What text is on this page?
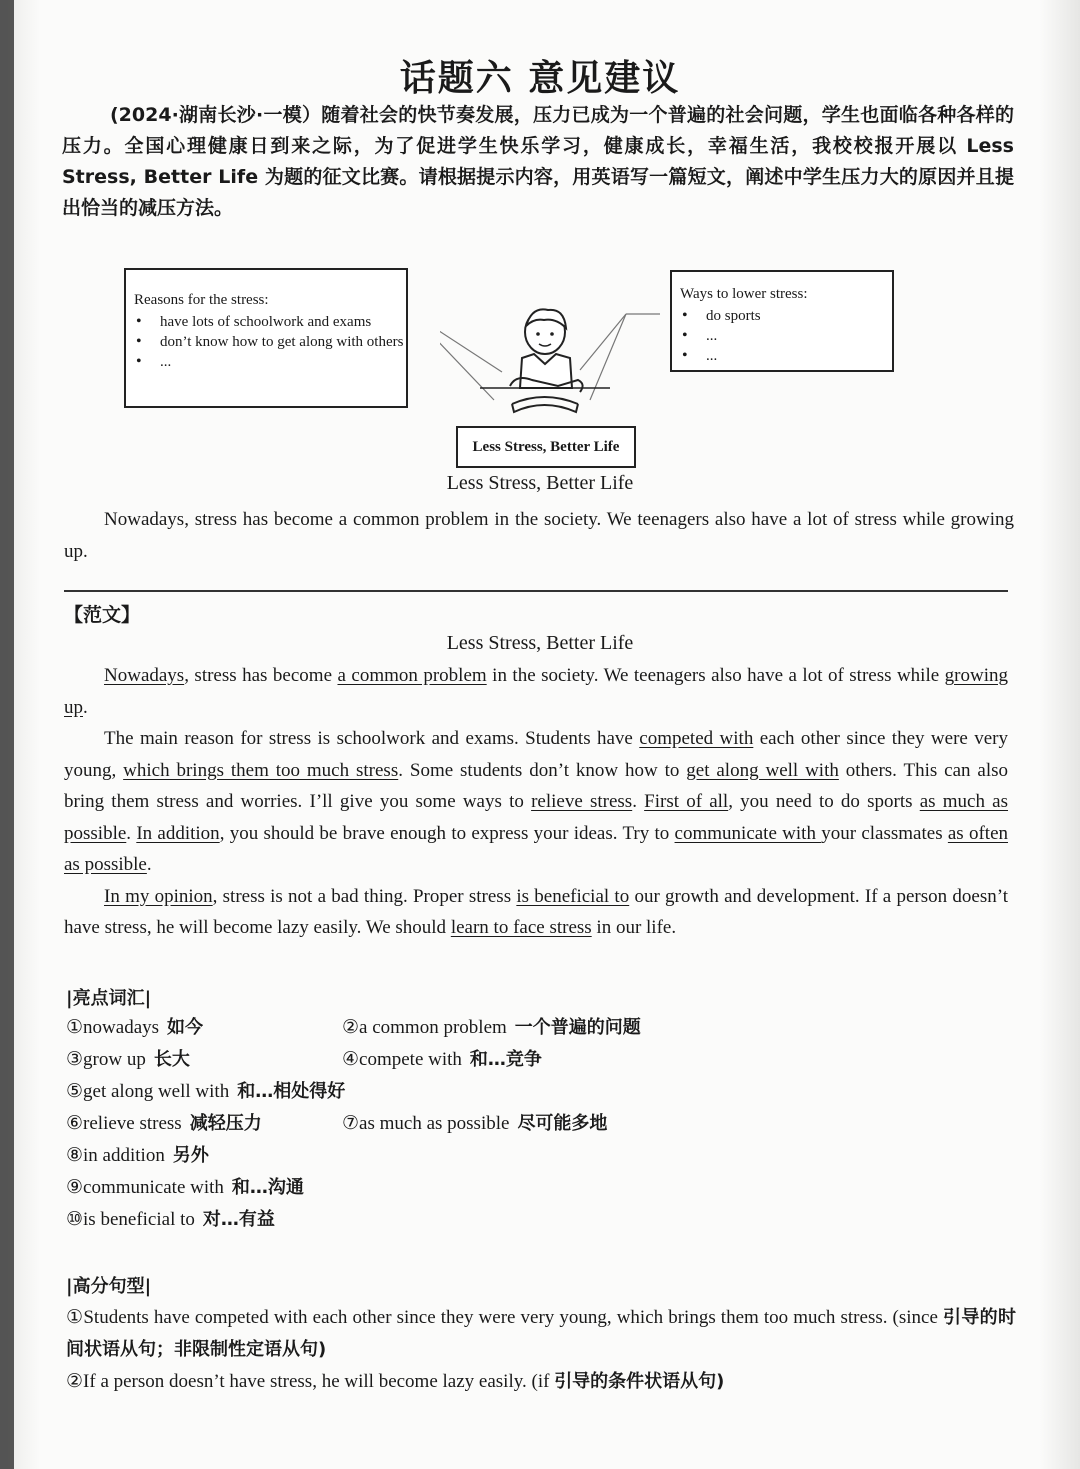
话题六 意见建议
(2024·湖南长沙·一模）随着社会的快节奏发展，压力已成为一个普遍的社会问题，学生也面临各种各样的压力。全国心理健康日到来之际，为了促进学生快乐学习，健康成长，幸福生活，我校校报开展以 Less Stress, Better Life 为题的征文比赛。请根据提示内容，用英语写一篇短文，阐述中学生压力大的原因并且提出恰当的减压方法。
Reasons for the stress:
• have lots of schoolwork and exams
• don’t know how to get along with others
• ...
Ways to lower stress:
• do sports
• ...
• ...
Less Stress, Better Life
Less Stress, Better Life
Nowadays, stress has become a common problem in the society. We teenagers also have a lot of stress while growing up.
【范文】
Less Stress, Better Life

Nowadays, stress has become a common problem in the society. We teenagers also have a lot of stress while growing up.

The main reason for stress is schoolwork and exams. Students have competed with each other since they were very young, which brings them too much stress. Some students don’t know how to get along well with others. This can also bring them stress and worries. I’ll give you some ways to relieve stress. First of all, you need to do sports as much as possible. In addition, you should be brave enough to express your ideas. Try to communicate with your classmates as often as possible.

In my opinion, stress is not a bad thing. Proper stress is beneficial to our growth and development. If a person doesn’t have stress, he will become lazy easily. We should learn to face stress in our life.

|亮点词汇|
①nowadays 如今	②a common problem 一个普遍的问题
③grow up 长大	④compete with 和…竞争
⑤get along well with 和…相处得好
⑥relieve stress 减轻压力	⑦as much as possible 尽可能多地
⑧in addition 另外
⑨communicate with 和…沟通
⑩is beneficial to 对…有益
|高分句型|

①Students have competed with each other since they were very young, which brings them too much stress. (since 引导的时间状语从句；非限制性定语从句)

②If a person doesn’t have stress, he will become lazy easily. (if 引导的条件状语从句)
